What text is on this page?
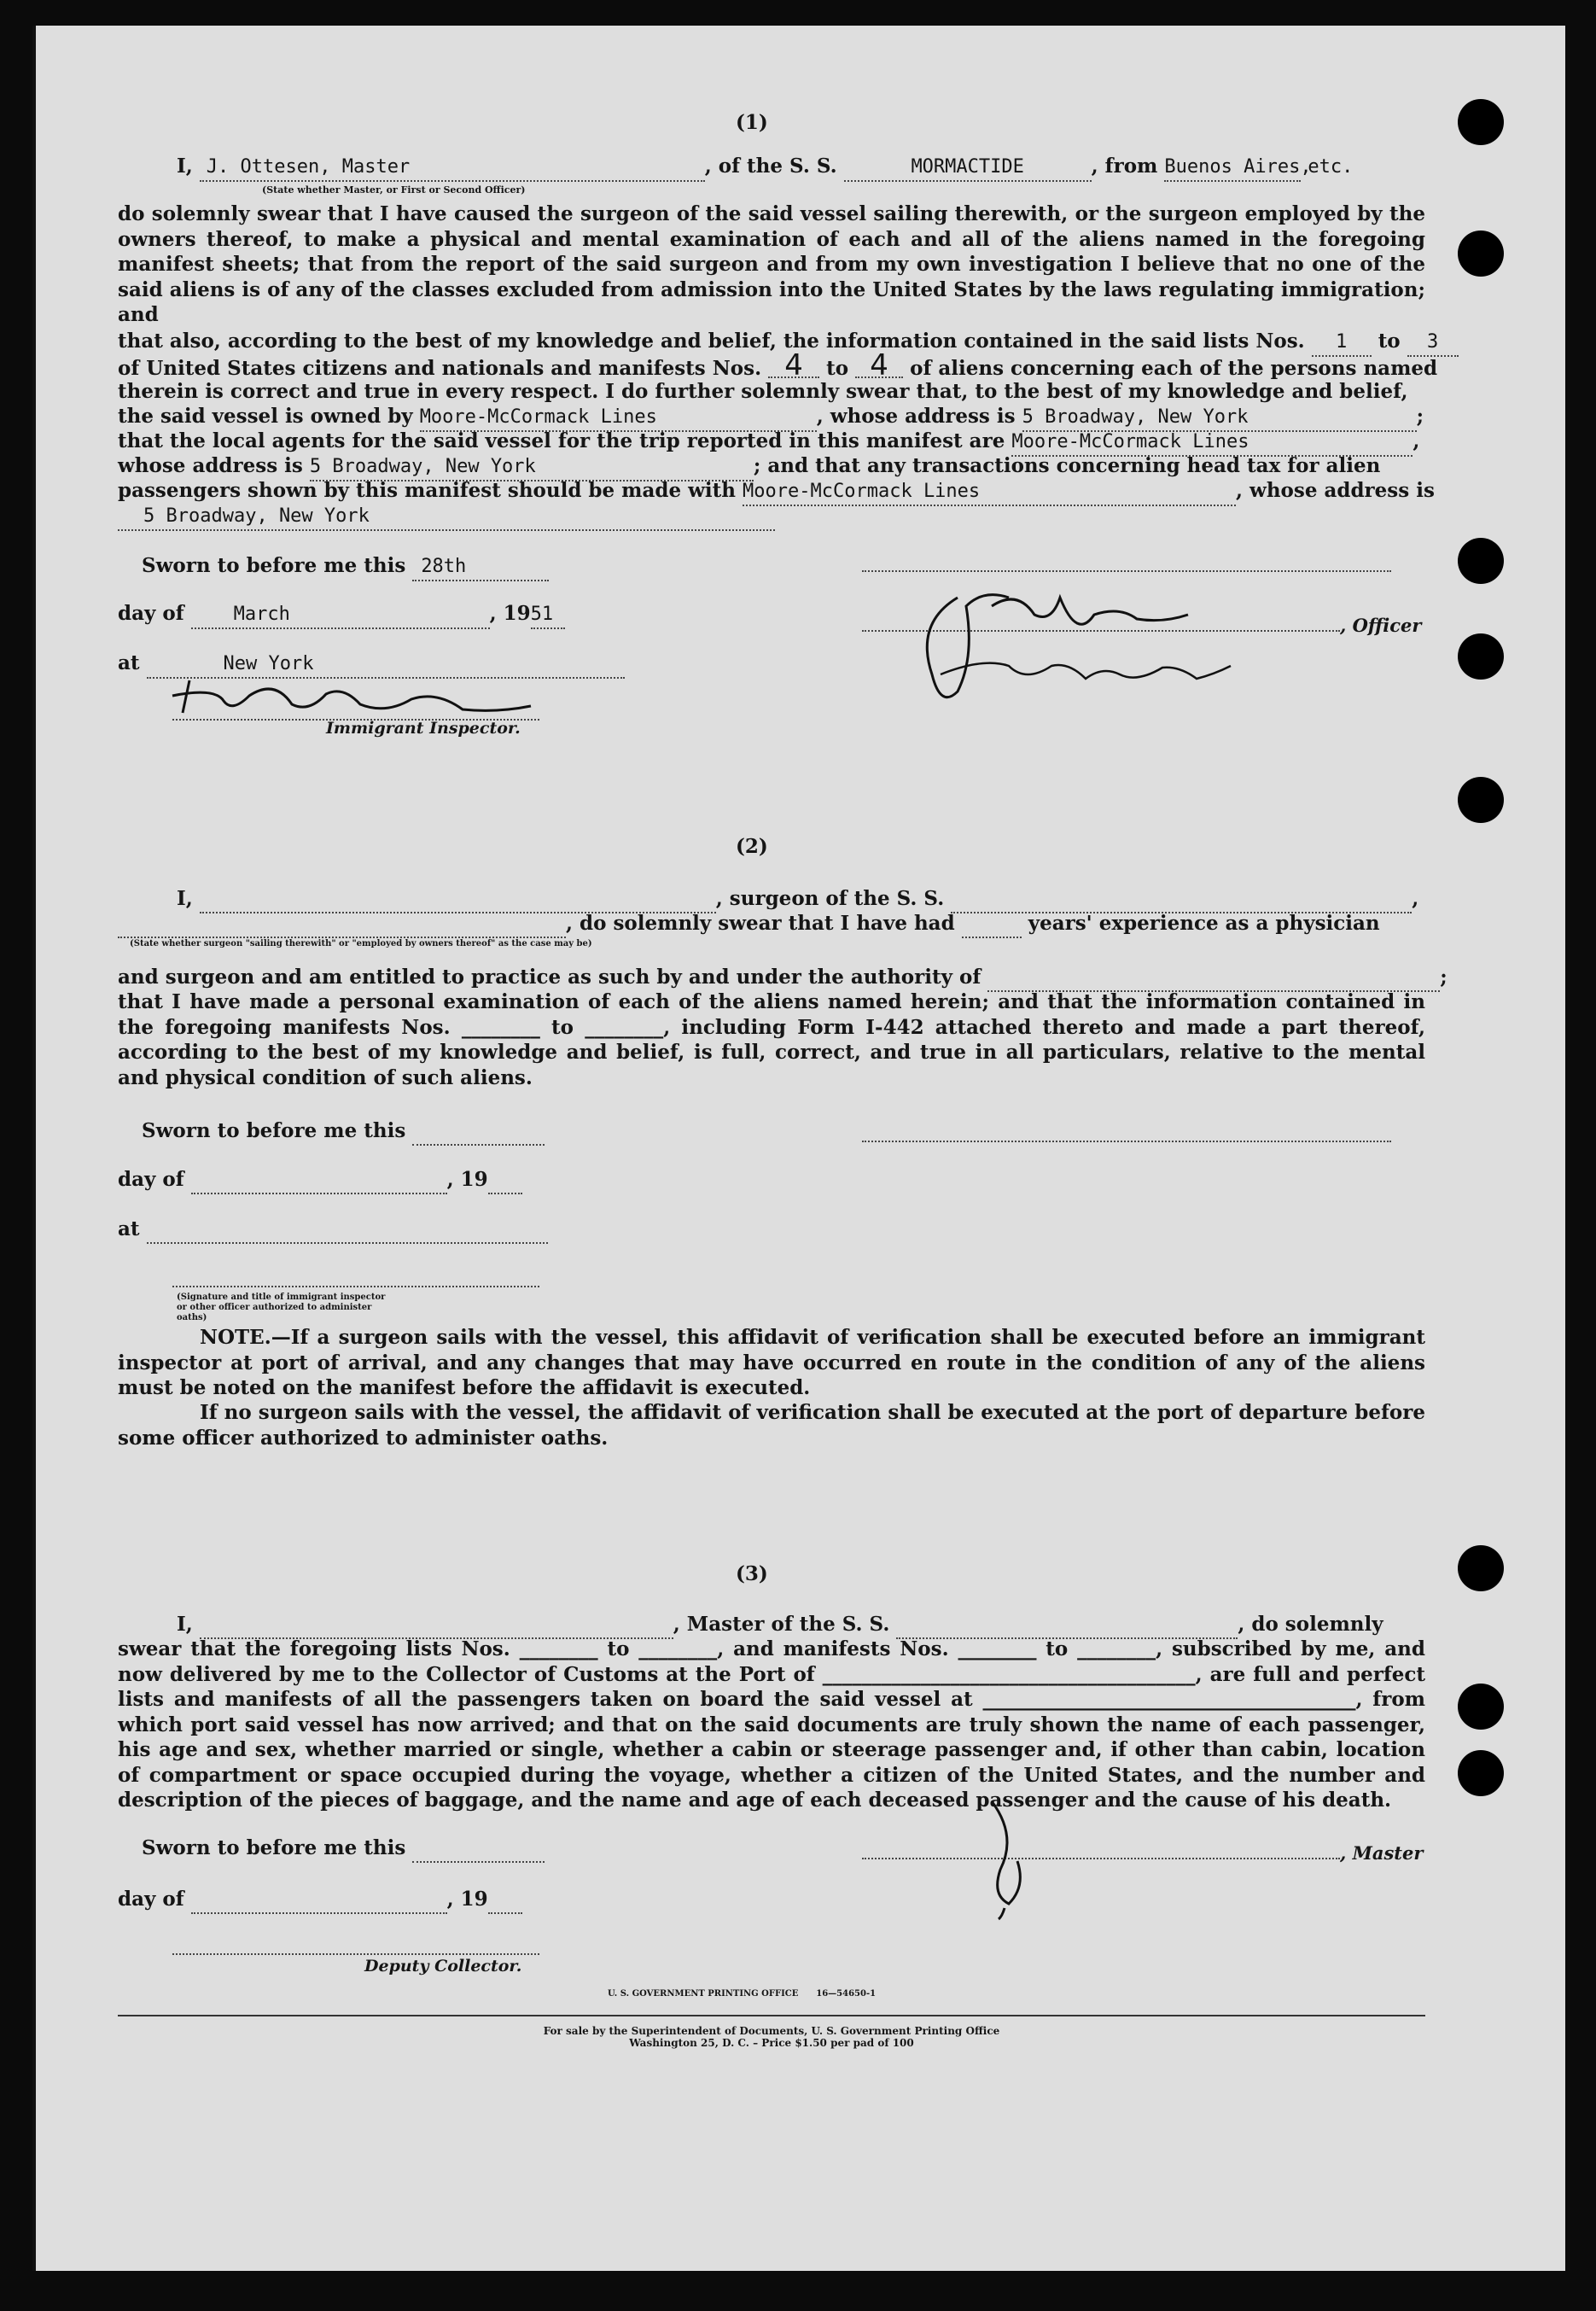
(1)
I, J. Ottesen, Master	, of the S. S.	MORMACTIDE	, from Buenos Aires, etc.
(State whether Master, or First or Second Officer)
do solemnly swear that I have caused the surgeon of the said vessel sailing therewith, or the surgeon employed by the owners thereof, to make a physical and mental examination of each and all of the aliens named in the foregoing manifest sheets; that from the report of the said surgeon and from my own investigation I believe that no one of the said aliens is of any of the classes excluded from admission into the United States by the laws regulating immigration; and
that also, according to the best of my knowledge and belief, the information contained in the said lists Nos. 1 to 3
of United States citizens and nationals and manifests Nos. 4 to 4 of aliens concerning each of the persons named
therein is correct and true in every respect. I do further solemnly swear that, to the best of my knowledge and belief,
the said vessel is owned by Moore-McCormack Lines	, whose address is 5 Broadway, New York	;
that the local agents for the said vessel for the trip reported in this manifest are Moore-McCormack Lines	,
whose address is 5 Broadway, New York	; and that any transactions concerning head tax for alien
passengers shown by this manifest should be made with Moore-McCormack Lines	, whose address is
5 Broadway, New York
Sworn to before me this 28th
day of	March	, 1951
at	New York
Immigrant Inspector.
, Officer
(2)
I,	, surgeon of the S. S.	,
, do solemnly swear that I have had	years' experience as a physician
(State whether surgeon "sailing therewith" or "employed by owners thereof" as the case may be)
and surgeon and am entitled to practice as such by and under the authority of	;
that I have made a personal examination of each of the aliens named herein; and that the information contained in the foregoing manifests Nos. ________ to ________, including Form I-442 attached thereto and made a part thereof, according to the best of my knowledge and belief, is full, correct, and true in all particulars, relative to the mental and physical condition of such aliens.
Sworn to before me this
day of	, 19
at
(Signature and title of immigrant inspector or other officer authorized to administer oaths)
NOTE.—If a surgeon sails with the vessel, this affidavit of verification shall be executed before an immigrant inspector at port of arrival, and any changes that may have occurred en route in the condition of any of the aliens must be noted on the manifest before the affidavit is executed.
If no surgeon sails with the vessel, the affidavit of verification shall be executed at the port of departure before some officer authorized to administer oaths.
(3)
I,	, Master of the S. S.	, do solemnly
swear that the foregoing lists Nos. ________ to ________, and manifests Nos. ________ to ________, subscribed by me, and now delivered by me to the Collector of Customs at the Port of ______________________________________, are full and perfect lists and manifests of all the passengers taken on board the said vessel at ______________________________________, from which port said vessel has now arrived; and that on the said documents are truly shown the name of each passenger, his age and sex, whether married or single, whether a cabin or steerage passenger and, if other than cabin, location of compartment or space occupied during the voyage, whether a citizen of the United States, and the number and description of the pieces of baggage, and the name and age of each deceased passenger and the cause of his death.
Sworn to before me this	, Master
day of	, 19
Deputy Collector.
U. S. GOVERNMENT PRINTING OFFICE      16—54650-1
For sale by the Superintendent of Documents, U. S. Government Printing Office
Washington 25, D. C. – Price $1.50 per pad of 100
